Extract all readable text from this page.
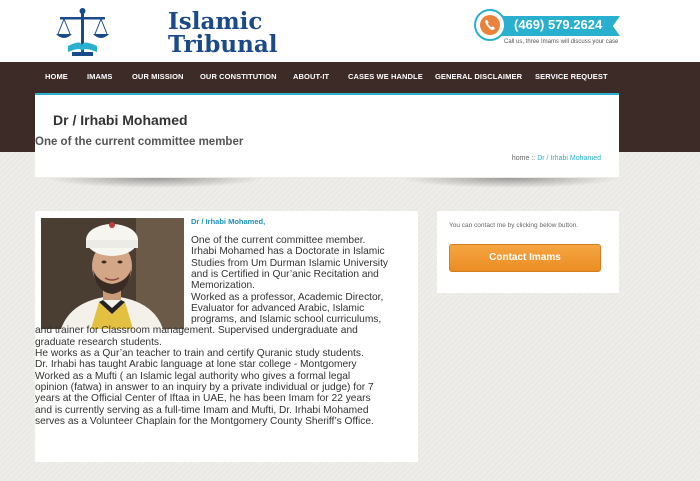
Islamic
Tribunal
(469) 579.2624
Call us, three Imams will discuss your case
HOME	IMAMS	OUR MISSION OUR CONSTITUTION ABOUT-IT	CASES WE HANDLE GENERAL DISCLAIMER SERVICE REQUEST
Dr / Irhabi Mohamed
One of the current committee member
home :: Dr / Irhabi Mohamed
Dr / Irhabi Mohamed,
One of the current committee member.
Irhabi Mohamed has a Doctorate in Islamic
Studies from Um Durman Islamic University
and is Certified in Qur’anic Recitation and
Memorization.
Worked as a professor, Academic Director,
Evaluator for advanced Arabic, Islamic
programs, and Islamic school curriculums,
and trainer for Classroom management. Supervised undergraduate and
graduate research students.
He works as a Qur’an teacher to train and certify Quranic study students.
Dr. Irhabi has taught Arabic language at lone star college - Montgomery
Worked as a Mufti ( an Islamic legal authority who gives a formal legal
opinion (fatwa) in answer to an inquiry by a private individual or judge) for 7
years at the Official Center of Iftaa in UAE, he has been Imam for 22 years
and is currently serving as a full-time Imam and Mufti, Dr. Irhabi Mohamed
serves as a Volunteer Chaplain for the Montgomery County Sheriff’s Office.
You can contact me by clicking below button.
Contact Imams
